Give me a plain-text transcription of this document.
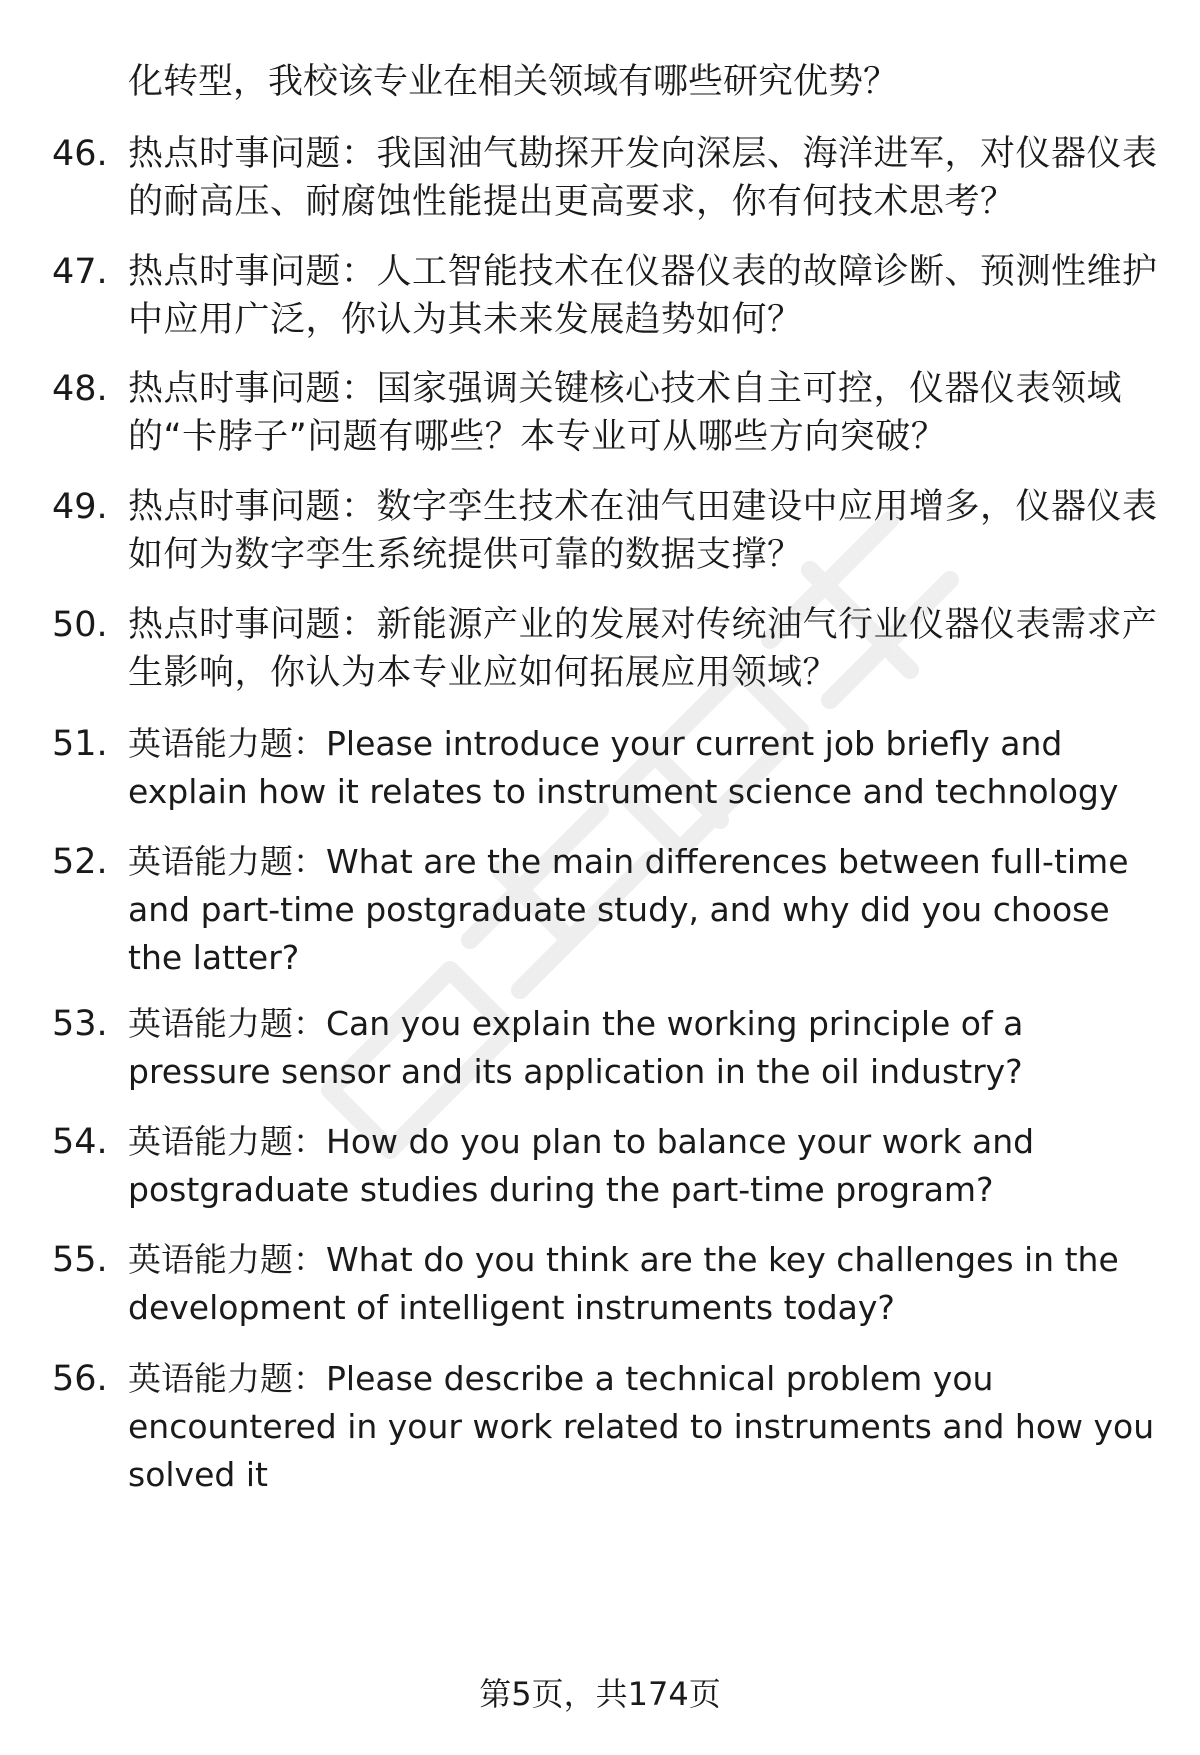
化转型，我校该专业在相关领域有哪些研究优势？
46. 热点时事问题：我国油气勘探开发向深层、海洋进军，对仪器仪表的耐高压、耐腐蚀性能提出更高要求，你有何技术思考？
47. 热点时事问题：人工智能技术在仪器仪表的故障诊断、预测性维护中应用广泛，你认为其未来发展趋势如何？
48. 热点时事问题：国家强调关键核心技术自主可控，仪器仪表领域的“卡脖子”问题有哪些？本专业可从哪些方向突破？
49. 热点时事问题：数字孪生技术在油气田建设中应用增多，仪器仪表如何为数字孪生系统提供可靠的数据支撑？
50. 热点时事问题：新能源产业的发展对传统油气行业仪器仪表需求产生影响，你认为本专业应如何拓展应用领域？
51. 英语能力题：Please introduce your current job briefly and explain how it relates to instrument science and technology
52. 英语能力题：What are the main differences between full-time and part-time postgraduate study, and why did you choose the latter?
53. 英语能力题：Can you explain the working principle of a pressure sensor and its application in the oil industry?
54. 英语能力题：How do you plan to balance your work and postgraduate studies during the part-time program?
55. 英语能力题：What do you think are the key challenges in the development of intelligent instruments today?
56. 英语能力题：Please describe a technical problem you encountered in your work related to instruments and how you solved it
第5页，共174页
